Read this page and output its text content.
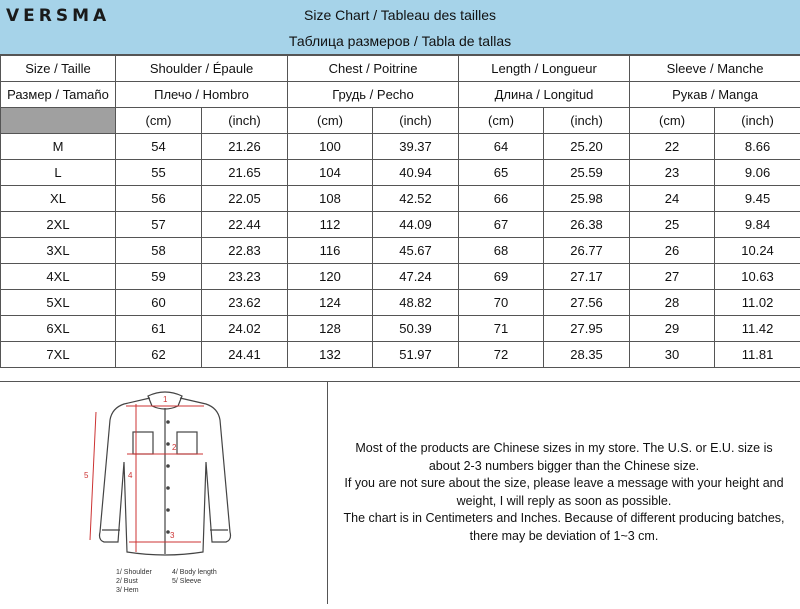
VERSMA	Size Chart / Tableau des tailles
Таблица размеров / Tabla de tallas
Size / Taille	Shoulder / Épaule		Chest / Poitrine		Length / Longueur		Sleeve / Manche	
Размер / Tamaño	Плечо / Hombro		Грудь / Pecho		Длина / Longitud		Рукав / Manga	
	(cm)	(inch)	(cm)	(inch)	(cm)	(inch)	(cm)	(inch)
M	54	21.26	100	39.37	64	25.20	22	8.66
L	55	21.65	104	40.94	65	25.59	23	9.06
XL	56	22.05	108	42.52	66	25.98	24	9.45
2XL	57	22.44	112	44.09	67	26.38	25	9.84
3XL	58	22.83	116	45.67	68	26.77	26	10.24
4XL	59	23.23	120	47.24	69	27.17	27	10.63
5XL	60	23.62	124	48.82	70	27.56	28	11.02
6XL	61	24.02	128	50.39	71	27.95	29	11.42
7XL	62	24.41	132	51.97	72	28.35	30	11.81
1
2
3
4
5
1/ Shoulder	4/ Body length
2/ Bust	5/ Sleeve
3/ Hem
Most of the products are Chinese sizes in my store. The U.S. or E.U. size is
about 2-3 numbers bigger than the Chinese size.
If you are not sure about the size, please leave a message with your height and
weight, I will reply as soon as possible.
The chart is in Centimeters and Inches. Because of different producing batches,
there may be deviation of 1~3 cm.
